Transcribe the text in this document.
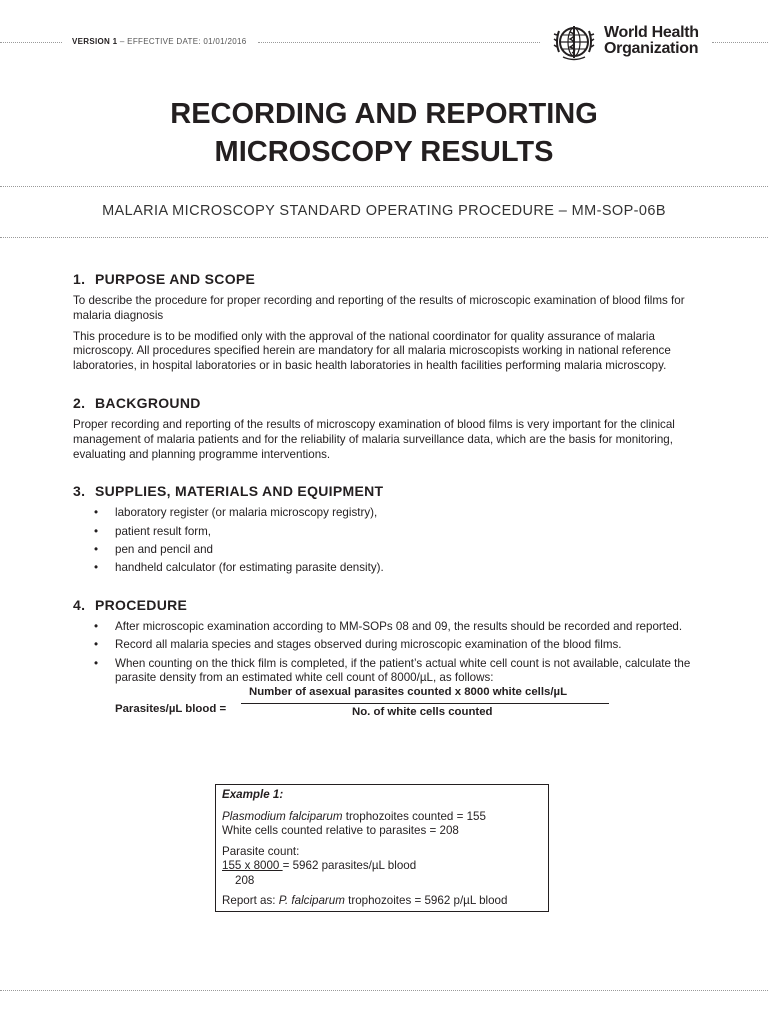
VERSION 1 – EFFECTIVE DATE: 01/01/2016
World Health
Organization
RECORDING AND REPORTING
MICROSCOPY RESULTS

MALARIA MICROSCOPY STANDARD OPERATING PROCEDURE – MM-SOP-06B

1. PURPOSE AND SCOPE

To describe the procedure for proper recording and reporting of the results of microscopic examination of blood films for malaria diagnosis

This procedure is to be modified only with the approval of the national coordinator for quality assurance of malaria microscopy. All procedures specified herein are mandatory for all malaria microscopists working in national reference laboratories, in hospital laboratories or in basic health laboratories in health facilities performing malaria microscopy.

2. BACKGROUND

Proper recording and reporting of the results of microscopy examination of blood films is very important for the clinical management of malaria patients and for the reliability of malaria surveillance data, which are the basis for monitoring, evaluating and planning programme interventions.

3. SUPPLIES, MATERIALS AND EQUIPMENT
• laboratory register (or malaria microscopy registry),
• patient result form,
• pen and pencil and
• handheld calculator (for estimating parasite density).
4. PROCEDURE
• After microscopic examination according to MM-SOPs 08 and 09, the results should be recorded and reported.
• Record all malaria species and stages observed during microscopic examination of the blood films.
• When counting on the thick film is completed, if the patient’s actual white cell count is not available, calculate the parasite density from an estimated white cell count of 8000/µL, as follows:
Parasites/µL blood =
Number of asexual parasites counted x 8000 white cells/µL
No. of white cells counted
Example 1:
Plasmodium falciparum trophozoites counted = 155
White cells counted relative to parasites = 208
Parasite count:
155 x 8000 = 5962 parasites/µL blood
208
Report as: P. falciparum trophozoites = 5962 p/µL blood
